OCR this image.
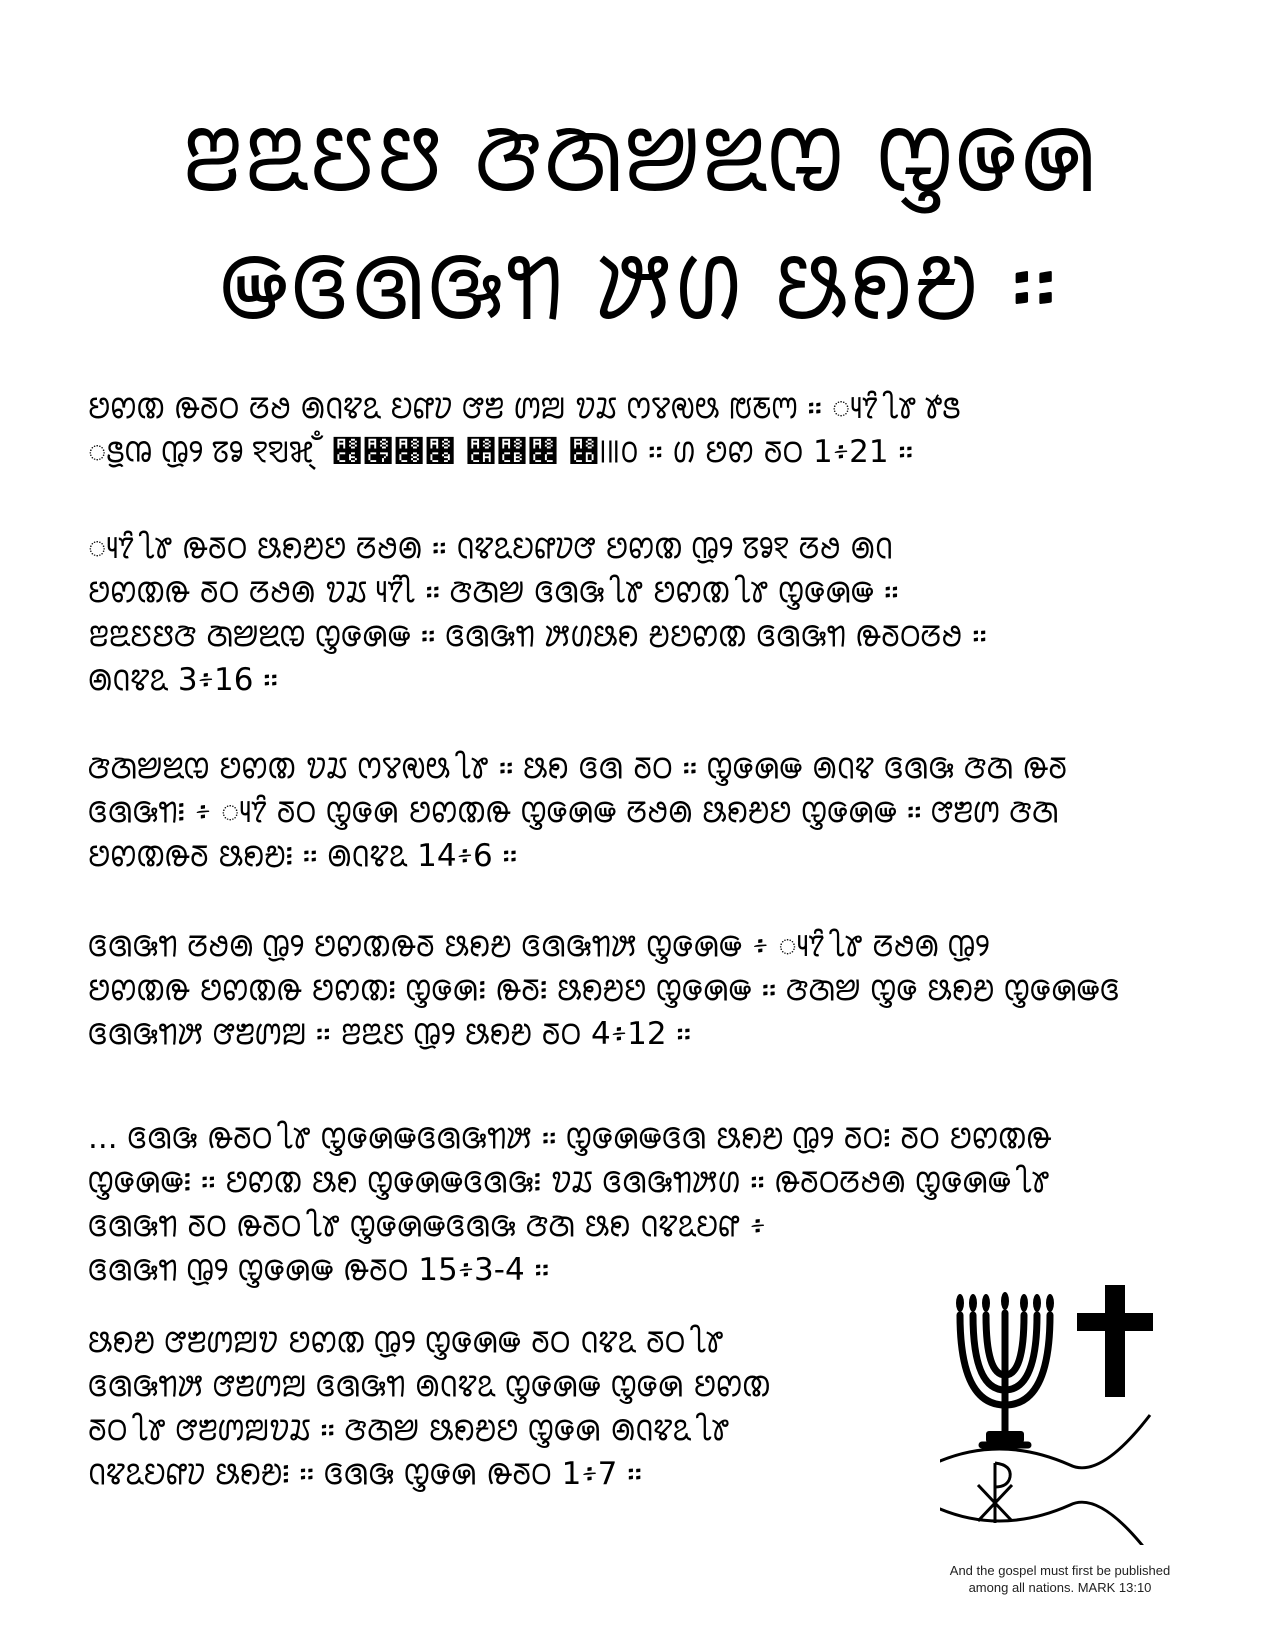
ꢂꢃꢄꢅ ꢆꢇꢈꢉꢊ ꢋꢌꢍ
ꢎꢏꢐꢑꢒ ꢓꢔ ꢕꢖꢗ ፡፡
ꢘꢙꢚ ꢛꢜꢝ ꢞꢟ ꢠꢡꢢꢣ ꢤꢥꢦ ꢧꢨ ꢩꢪ ꢫꢬ ꢭꢮꢯꢰ ꢱꢲꢳ ። ꢴꢵꢶ ꢷꢸ ꢹꢺ
ꢻꢼ ꢽꢾ ꢿꣀ ꣁꣂꣃ ꣄ꣅ ꣆꣇꣈꣉ ꣊꣋꣌ ꣍꣎꣏꣐ ፡፡ ꢔ ꢘꢙ ꢜꢝ 1፥21 ፡፡
ꢴꢵꢶ ꢷꢸ ꢛꢜꢝ ꢕꢖꢗꢘ ꢞꢟꢠ ። ꢡꢢꢣꢤꢥꢦꢧ ꢘꢙꢚ ꢽꢾ ꢿꣀꣁ ꢞꢟ ꢠꢡ
ꢘꢙꢚꢛ ꢜꢝ ꢞꢟꢠ ꢫꢬ ꢴꢵꢶꢷ ። ꢆꢇꢈ ꢏꢐꢑ ꢷꢸ ꢘꢙꢚ ꢷꢸ ꢋꢌꢍꢎ ።
ꢂꢃꢄꢅꢆ ꢇꢈꢉꢊ ꢋꢌꢍꢎ ። ꢏꢐꢑꢒ ꢓꢔꢕꢖ ꢗꢘꢙꢚ ꢏꢐꢑꢒ ꢛꢜꢝꢞꢟ ፡፡
ꢠꢡꢢꢣ 3፥16 ፡፡
ꢆꢇꢈꢉꢊ ꢘꢙꢚ ꢫꢬ ꢭꢮꢯꢰ ꢷꢸ ። ꢕꢖ ꢏꢐ ꢜꢝ ። ꢋꢌꢍꢎ ꢠꢡꢢ ꢏꢐꢑ ꢆꢇ ꢛꢜ
ꢏꢐꢑꢒ፧ ፥ ꢴꢵꢶ ꢜꢝ ꢋꢌꢍ ꢘꢙꢚꢛ ꢋꢌꢍꢎ ꢞꢟꢠ ꢕꢖꢗꢘ ꢋꢌꢍꢎ ። ꢧꢨꢩ ꢆꢇ
ꢘꢙꢚꢛꢜ ꢕꢖꢗ፧ ፡፡ ꢠꢡꢢꢣ 14፥6 ፡፡
ꢏꢐꢑꢒ ꢞꢟꢠ ꢽꢾ ꢘꢙꢚꢛꢜ ꢕꢖꢗ ꢏꢐꢑꢒꢓ ꢋꢌꢍꢎ ፥ ꢴꢵꢶ ꢷꢸ ꢞꢟꢠ ꢽꢾ
ꢘꢙꢚꢛ ꢘꢙꢚꢛ ꢘꢙꢚ፧ ꢋꢌꢍ፧ ꢛꢜ፧ ꢕꢖꢗꢘ ꢋꢌꢍꢎ ። ꢆꢇꢈ ꢋꢌ ꢕꢖꢗ ꢋꢌꢍꢎꢏ
ꢏꢐꢑꢒꢓ ꢧꢨꢩꢪ ፡፡ ꢂꢃꢄ ꢽꢾ ꢕꢖꢗ ꢜꢝ 4፥12 ፡፡
... ꢏꢐꢑ ꢛꢜꢝ ꢷꢸ ꢋꢌꢍꢎꢏꢐꢑꢒꢓ ። ꢋꢌꢍꢎꢏꢐ ꢕꢖꢗ ꢽꢾ ꢜꢝ፧ ꢜꢝ ꢘꢙꢚꢛ
ꢋꢌꢍꢎ፧ ፡፡ ꢘꢙꢚ ꢕꢖ ꢋꢌꢍꢎꢏꢐꢑ፧ ꢫꢬ ꢏꢐꢑꢒꢓꢔ ። ꢛꢜꢝꢞꢟꢠ ꢋꢌꢍꢎ ꢷꢸ
ꢏꢐꢑꢒ ꢜꢝ ꢛꢜꢝ ꢷꢸ ꢋꢌꢍꢎꢏꢐꢑ ꢆꢇ ꢕꢖ ꢡꢢꢣꢤꢥ ፥
ꢏꢐꢑꢒ ꢽꢾ ꢋꢌꢍꢎ ꢛꢜꢝ 15፥3-4 ፡፡
ꢕꢖꢗ ꢧꢨꢩꢪꢫ ꢘꢙꢚ ꢽꢾ ꢋꢌꢍꢎ ꢜꢝ ꢡꢢꢣ ꢜꢝ ꢷꢸ
ꢏꢐꢑꢒꢓ ꢧꢨꢩꢪ ꢏꢐꢑꢒ ꢠꢡꢢꢣ ꢋꢌꢍꢎ ꢋꢌꢍ ꢘꢙꢚ
ꢜꢝ ꢷꢸ ꢧꢨꢩꢪꢫꢬ ። ꢆꢇꢈ ꢕꢖꢗꢘ ꢋꢌꢍ ꢠꢡꢢꢣ ꢷꢸ
ꢡꢢꢣꢤꢥꢦ ꢕꢖꢗ፧ ፡፡ ꢏꢐꢑ ꢋꢌꢍ ꢛꢜꢝ 1፥7 ፡፡
And the gospel must first be published
among all nations. MARK 13:10
